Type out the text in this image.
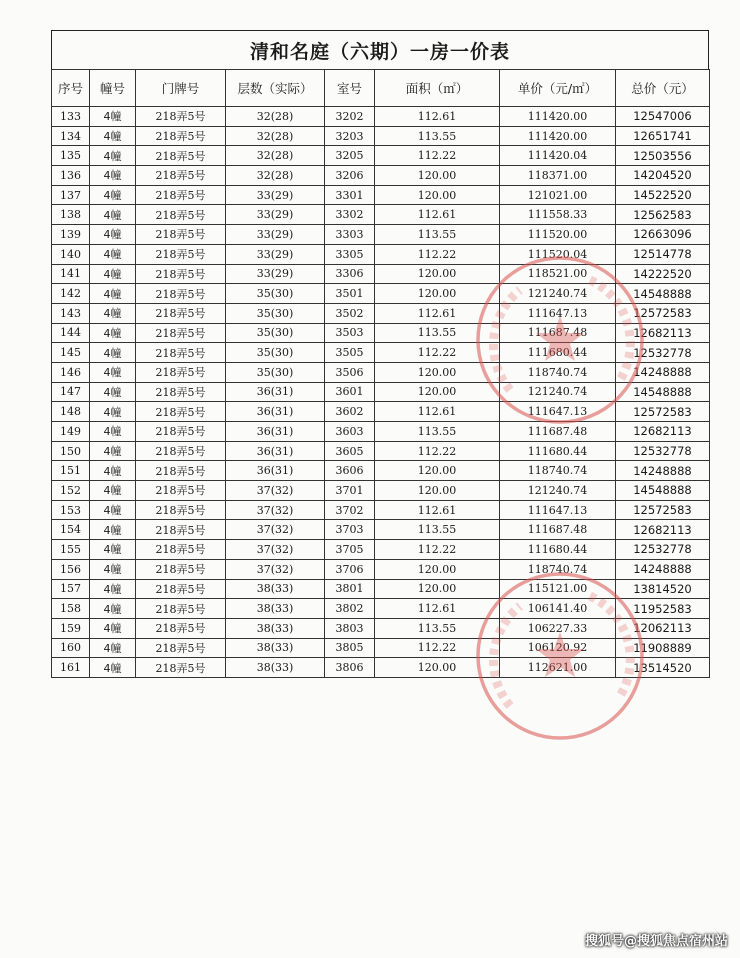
清和名庭（六期）一房一价表
序号	幢号	门牌号	层数（实际）	室号	面积（㎡）	单价（元/㎡）	总价（元）
133	4幢	218弄5号	32(28)	3202	112.61	111420.00	12547006
134	4幢	218弄5号	32(28)	3203	113.55	111420.00	12651741
135	4幢	218弄5号	32(28)	3205	112.22	111420.04	12503556
136	4幢	218弄5号	32(28)	3206	120.00	118371.00	14204520
137	4幢	218弄5号	33(29)	3301	120.00	121021.00	14522520
138	4幢	218弄5号	33(29)	3302	112.61	111558.33	12562583
139	4幢	218弄5号	33(29)	3303	113.55	111520.00	12663096
140	4幢	218弄5号	33(29)	3305	112.22	111520.04	12514778
141	4幢	218弄5号	33(29)	3306	120.00	118521.00	14222520
142	4幢	218弄5号	35(30)	3501	120.00	121240.74	14548888
143	4幢	218弄5号	35(30)	3502	112.61	111647.13	12572583
144	4幢	218弄5号	35(30)	3503	113.55	111687.48	12682113
145	4幢	218弄5号	35(30)	3505	112.22	111680.44	12532778
146	4幢	218弄5号	35(30)	3506	120.00	118740.74	14248888
147	4幢	218弄5号	36(31)	3601	120.00	121240.74	14548888
148	4幢	218弄5号	36(31)	3602	112.61	111647.13	12572583
149	4幢	218弄5号	36(31)	3603	113.55	111687.48	12682113
150	4幢	218弄5号	36(31)	3605	112.22	111680.44	12532778
151	4幢	218弄5号	36(31)	3606	120.00	118740.74	14248888
152	4幢	218弄5号	37(32)	3701	120.00	121240.74	14548888
153	4幢	218弄5号	37(32)	3702	112.61	111647.13	12572583
154	4幢	218弄5号	37(32)	3703	113.55	111687.48	12682113
155	4幢	218弄5号	37(32)	3705	112.22	111680.44	12532778
156	4幢	218弄5号	37(32)	3706	120.00	118740.74	14248888
157	4幢	218弄5号	38(33)	3801	120.00	115121.00	13814520
158	4幢	218弄5号	38(33)	3802	112.61	106141.40	11952583
159	4幢	218弄5号	38(33)	3803	113.55	106227.33	12062113
160	4幢	218弄5号	38(33)	3805	112.22	106120.92	11908889
161	4幢	218弄5号	38(33)	3806	120.00	112621.00	13514520
搜狐号@搜狐焦点宿州站
